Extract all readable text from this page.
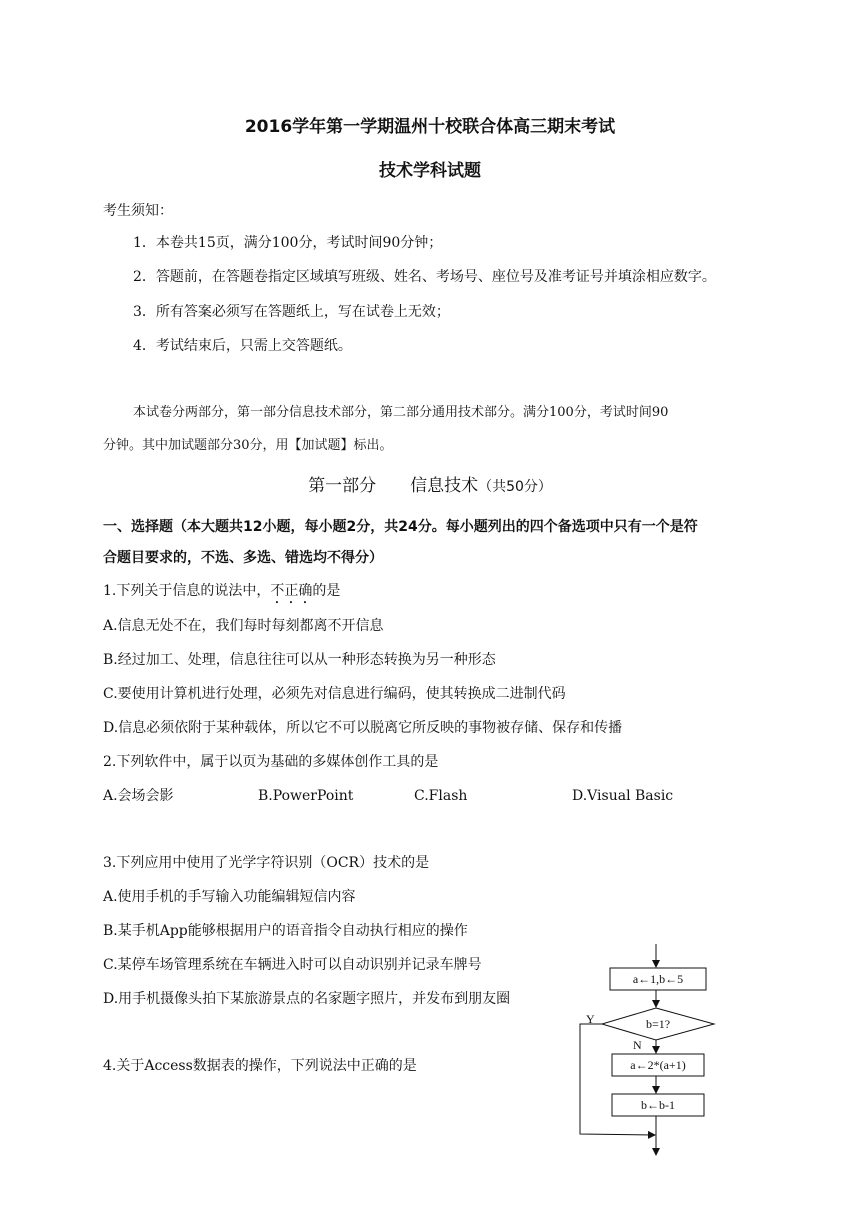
2016学年第一学期温州十校联合体高三期末考试
技术学科试题
考生须知：
1．本卷共15页，满分100分，考试时间90分钟；
2．答题前，在答题卷指定区域填写班级、姓名、考场号、座位号及准考证号并填涂相应数字。
3．所有答案必须写在答题纸上，写在试卷上无效；
4．考试结束后，只需上交答题纸。
本试卷分两部分，第一部分信息技术部分，第二部分通用技术部分。满分100分，考试时间90
分钟。其中加试题部分30分，用【加试题】标出。
第一部分　　信息技术（共50分）
一、选择题（本大题共12小题，每小题2分，共24分。每小题列出的四个备选项中只有一个是符
合题目要求的，不选、多选、错选均不得分）
1.下列关于信息的说法中，不正确的是
A.信息无处不在，我们每时每刻都离不开信息
B.经过加工、处理，信息往往可以从一种形态转换为另一种形态
C.要使用计算机进行处理，必须先对信息进行编码，使其转换成二进制代码
D.信息必须依附于某种载体，所以它不可以脱离它所反映的事物被存储、保存和传播
2.下列软件中，属于以页为基础的多媒体创作工具的是
A.会场会影	B.PowerPoint	C.Flash	D.Visual Basic
3.下列应用中使用了光学字符识别（OCR）技术的是
A.使用手机的手写输入功能编辑短信内容
B.某手机App能够根据用户的语音指令自动执行相应的操作
C.某停车场管理系统在车辆进入时可以自动识别并记录车牌号
D.用手机摄像头拍下某旅游景点的名家题字照片，并发布到朋友圈
4.关于Access数据表的操作，下列说法中正确的是
a←1,b←5
b=1?
Y
N
a←2*(a+1)
b←b-1
